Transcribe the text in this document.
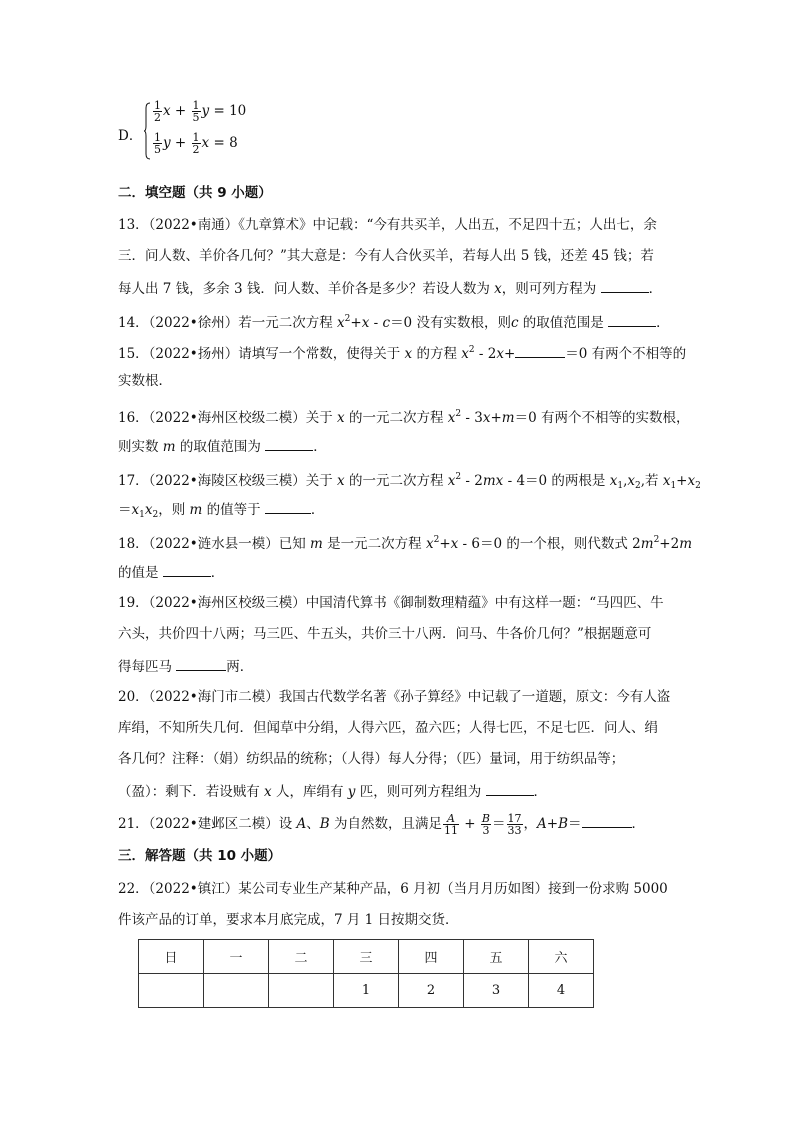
D．
$\frac{1}{2}$ $x + \frac{1}{5}$ y = 10
$\frac{1}{5}$ $y + \frac{1}{2}$ x = 8
二．填空题（共 9 小题）
13．（2022•南通）《九章算术》中记载：“今有共买羊，人出五，不足四十五；人出七，余
三．问人数、羊价各几何？”其大意是：今有人合伙买羊，若每人出 5 钱，还差 45 钱；若
每人出 7 钱，多余 3 钱．问人数、羊价各是多少？若设人数为 x，则可列方程为	．
14．（2022•徐州）若一元二次方程 $x^2+x - c=0$ 没有实数根，则c 的取值范围是	．
15．（2022•扬州）请填写一个常数，使得关于 x 的方程 $x^2 - 2x+$	＝0 有两个不相等的
实数根．
16．（2022•海州区校级二模）关于 x 的一元二次方程 $x^2 - 3x+m=0$ 有两个不相等的实数根，
则实数 m 的取值范围为	．
17．（2022•海陵区校级三模）关于 x 的一元二次方程 $x^2 - 2mx - 4=0$ 的两根是 $x_1,x_2$,若 $x_1+x_2$
$=x_1x_2$，则 m 的值等于	．
18．（2022•涟水县一模）已知 m 是一元二次方程 $x^2+x - 6=0$ 的一个根，则代数式 $2m^2+2m$
的值是	．
19．（2022•海州区校级三模）中国清代算书《御制数理精蕴》中有这样一题：“马四匹、牛
六头，共价四十八两；马三匹、牛五头，共价三十八两．问马、牛各价几何？”根据题意可
得每匹马	两．
20．（2022•海门市二模）我国古代数学名著《孙子算经》中记载了一道题，原文：今有人盗
库绢，不知所失几何．但闻草中分绢，人得六匹，盈六匹；人得七匹，不足七匹．问人、绢
各几何？注释：（娟）纺织品的统称；（人得）每人分得；（匹）量词，用于纺织品等；
（盈）：剩下．若设贼有 x 人，库绢有 y 匹，则可列方程组为	．
21．（2022•建邺区二模）设 A、B 为自然数，且满足 $\frac{A}{11} + \frac{B}{3} = \frac{17}{33}$ ，A+B＝	．
三．解答题（共 10 小题）
22．（2022•镇江）某公司专业生产某种产品，6 月初（当月月历如图）接到一份求购 5000
件该产品的订单，要求本月底完成，7 月 1 日按期交货．
日	一	二	三	四	五	六
			1	2	3	4
